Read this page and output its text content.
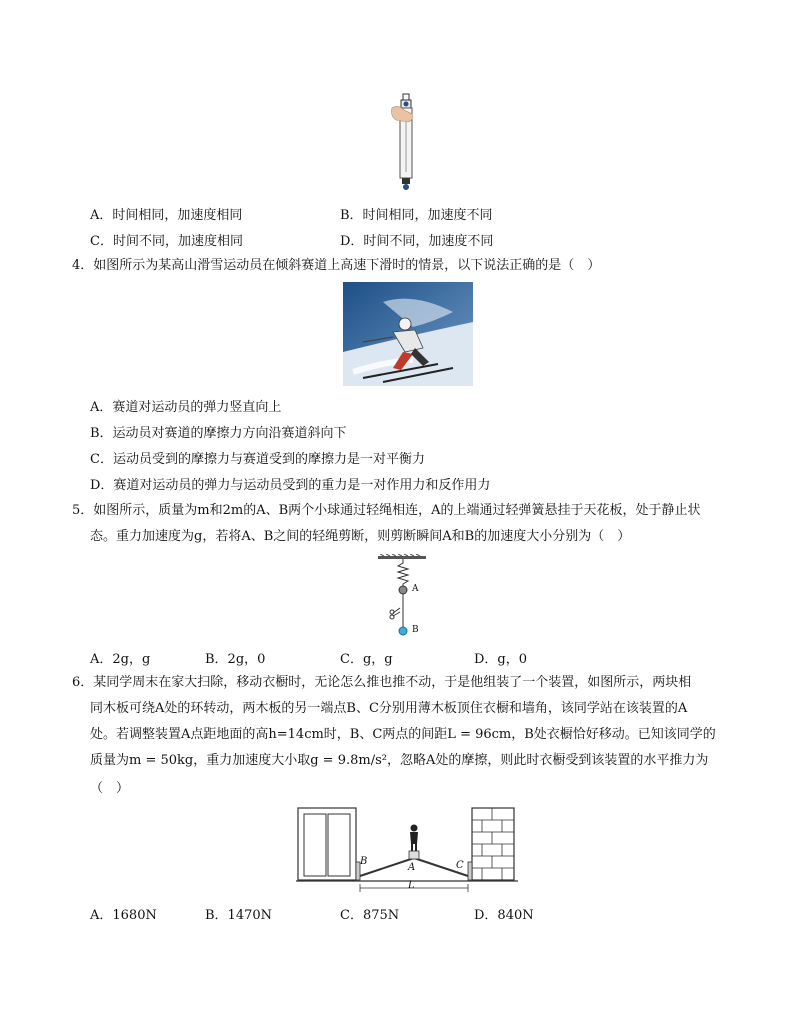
A．时间相同，加速度相同	B．时间相同，加速度不同
C．时间不同，加速度相同	D．时间不同，加速度不同
4．如图所示为某高山滑雪运动员在倾斜赛道上高速下滑时的情景，以下说法正确的是（　）
A．赛道对运动员的弹力竖直向上
B．运动员对赛道的摩擦力方向沿赛道斜向下
C．运动员受到的摩擦力与赛道受到的摩擦力是一对平衡力
D．赛道对运动员的弹力与运动员受到的重力是一对作用力和反作用力
5．如图所示，质量为m和2m的A、B两个小球通过轻绳相连，A的上端通过轻弹簧悬挂于天花板，处于静止状
态。重力加速度为g，若将A、B之间的轻绳剪断，则剪断瞬间A和B的加速度大小分别为（　）
A
B
A．2g，g	B．2g，0	C．g，g	D．g，0
6．某同学周末在家大扫除，移动衣橱时，无论怎么推也推不动，于是他组装了一个装置，如图所示，两块相
同木板可绕A处的环转动，两木板的另一端点B、C分别用薄木板顶住衣橱和墙角，该同学站在该装置的A
处。若调整装置A点距地面的高h=14cm时，B、C两点的间距L = 96cm，B处衣橱恰好移动。已知该同学的
质量为m = 50kg，重力加速度大小取g = 9.8m/s²，忽略A处的摩擦，则此时衣橱受到该装置的水平推力为
（　）
B
A	C
L
A．1680N	B．1470N	C．875N	D．840N
